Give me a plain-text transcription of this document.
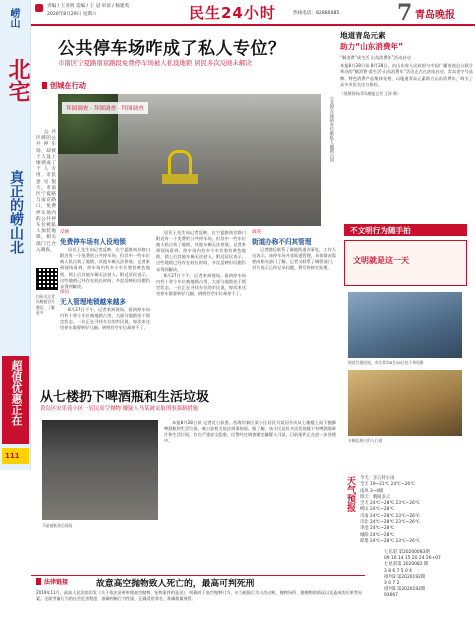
崂山
北宅
真正的崂山北
超值优惠正在
111
责编 / 王亚明 美编 / 王 冠 审读 / 杨建英
2020年8月29日 星期六	民生24小时	热线电话：82880085	7 青岛晚报
公共停车场咋成了私人专位？
市南区宁夏路南京路段免费停车场被人私设地锁 居民多次反映未解决
创城在行动
拜图调查 · 拜图调查 · 拜图调查	公共停车场的车位被私人地锁占用

公共区域的公共停车场，却被个人设上地锁成了个人专用，市民意见很大。市南区宁夏路与南京路口，免费停车场内的公共停车位被私人加装地锁，相关部门已介入调查。

扫码关注青岛晚报官方微信，了解更多
反映
免费停车场有人设地锁

居民王先生向记者反映，在宁夏路南京路口附近有一个免费的公共停车场，但其中一些车位被人私自装了地锁，其他车辆无法停放。记者来到现场看到，停车场内有多个车位装有黄色地锁，锁上后其他车辆无法驶入。附近居民表示，这些地锁已经存在较长时间，多次反映但问题仍未得到解决。

探访
无人管理地锁越来越多

8月27日下午，记者来到现场，看到停车场内有十余个车位被地锁占用，大部分地锁处于锁定状态。一位正在寻找车位的市民说，每次来这里停车都要转好几圈，明明有空车位却停不了。

居民王先生向记者反映，在宁夏路南京路口附近有一个免费的公共停车场，但其中一些车位被人私自装了地锁，其他车辆无法停放。记者来到现场看到，停车场内有多个车位装有黄色地锁，锁上后其他车辆无法驶入。附近居民表示，这些地锁已经存在较长时间，多次反映但问题仍未得到解决。

8月27日下午，记者来到现场，看到停车场内有十余个车位被地锁占用，大部分地锁处于锁定状态。一位正在寻找车位的市民说，每次来这里停车都要转好几圈，明明有空车位却停不了。

调查
街道办称不归其管理

记者随后联系了属地街道办事处，工作人员表示，该停车场并非街道管理，具体情况需要向相关部门了解。记者又联系了城管部门，对方表示已经记录问题，将尽快核实处理。

从七楼扔下啤酒瓶和生活垃圾
黄岛区安乐苑小区一居民高空抛物 嫌疑人马某被采取刑事强制措施
马某被抓获后现场

本报8月28日讯 记者近日获悉，西海岸新区某小区居民马某因多次从七楼楼上向下抛掷啤酒瓶和生活垃圾，被公安机关依法刑事拘留。据了解，该小区居民多次发现楼下有啤酒瓶碎片和生活垃圾，存在严重安全隐患，民警经过调查锁定嫌疑人马某，目前案件正在进一步处理中。

地道青岛元素
助力“山东消费年”
“顺消费”成生活 山东消费年”活动启动
本报8月28日讯 8月28日，由山东省人民政府与中国广播电视总台联合举办的“顺消费·爱生活·山东消费年”活动正式在济南启动，青岛老字号品牌、特色消费产品集体亮相，以地道青岛元素助力山东消费年，吸引了众多市民关注与体验。
（视频资料/青岛晚报记者 王涛 摄）
不文明行为随手拍
文明就是这一天
规范垃圾投放，市民青岛8月28日拍于草原路
车辆乱停占用人行道
天气预报	今天：多云转小雨
全天 19~31℃ 24℃~26℃
南风 3~4级
明天：晴间多云
全天 24℃~28℃ 23℃~26℃
崂山 24℃~28℃
市南 24℃~28℃ 23℃~26℃
市北 24℃~28℃ 23℃~26℃
李沧 24℃~28℃
城阳 24℃~28℃
即墨 24℃~28℃ 23℃~26℃
七乐彩 第20200083期
09 10 14 15 20 24 26+07
七星彩第 2020082 期
3 8 6 7 5 0 4
排列3 第2020192期
3 0 7 2
排列5 第2020192期
93667
法律链接	故意高空抛物致人死亡的，最高可判死刑
2019年11月，最高人民法院印发《关于依法妥善审理高空抛物、坠物案件的意见》，明确对于高空抛物行为，应当根据行为人的动机、抛物场所、抛掷物的情况以及造成的后果等因素，全面考量行为的社会危害程度，准确判断行为性质，正确适用罪名，准确裁量刑罚。
